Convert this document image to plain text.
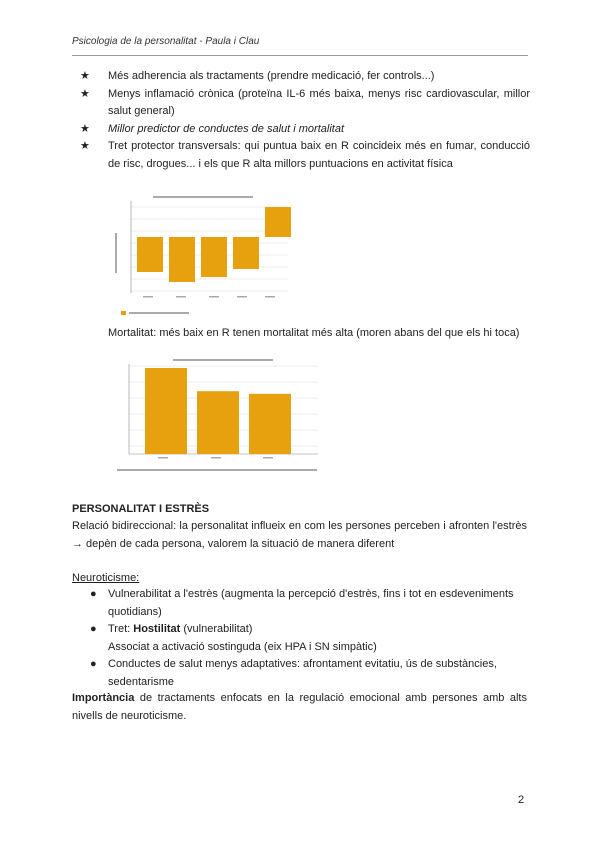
Psicologia de la personalitat - Paula i Clau
★	Més adherencia als tractaments (prendre medicació, fer controls...)
★	Menys inflamació crònica (proteïna IL-6 més baixa, menys risc cardiovascular, millor salut general)
★	Millor predictor de conductes de salut i mortalitat
★	Tret protector transversals: qui puntua baix en R coincideix més en fumar, conducció de risc, drogues... i els que R alta millors puntuacions en activitat física
Mortalitat: més baix en R tenen mortalitat més alta (moren abans del que els hi toca)
PERSONALITAT I ESTRÈS
Relació bidireccional: la personalitat influeix en com les persones perceben i afronten l'estrès → depèn de cada persona, valorem la situació de manera diferent
Neuroticisme:
●	Vulnerabilitat a l'estrès (augmenta la percepció d'estrès, fins i tot en esdeveniments quotidians)
●	Tret: Hostilitat (vulnerabilitat)
Associat a activació sostinguda (eix HPA i SN simpàtic)
●	Conductes de salut menys adaptatives: afrontament evitatiu, ús de substàncies, sedentarisme
Importància de tractaments enfocats en la regulació emocional amb persones amb alts nivells de neuroticisme.
2
